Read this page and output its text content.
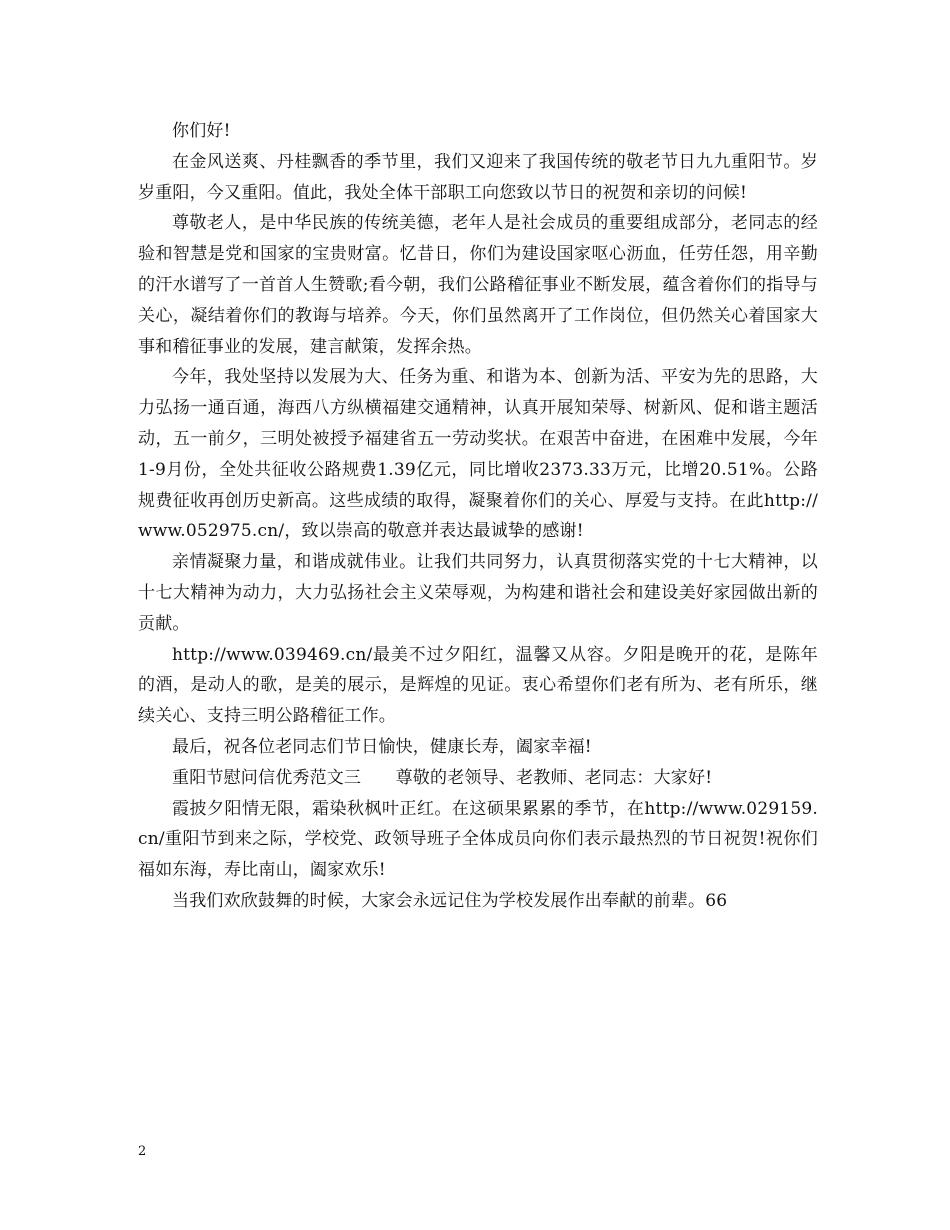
你们好!

在金风送爽、丹桂飘香的季节里，我们又迎来了我国传统的敬老节日九九重阳节。岁岁重阳，今又重阳。值此，我处全体干部职工向您致以节日的祝贺和亲切的问候!

尊敬老人，是中华民族的传统美德，老年人是社会成员的重要组成部分，老同志的经验和智慧是党和国家的宝贵财富。忆昔日，你们为建设国家呕心沥血，任劳任怨，用辛勤的汗水谱写了一首首人生赞歌;看今朝，我们公路稽征事业不断发展，蕴含着你们的指导与关心，凝结着你们的教诲与培养。今天，你们虽然离开了工作岗位，但仍然关心着国家大事和稽征事业的发展，建言献策，发挥余热。

今年，我处坚持以发展为大、任务为重、和谐为本、创新为活、平安为先的思路，大力弘扬一通百通，海西八方纵横福建交通精神，认真开展知荣辱、树新风、促和谐主题活动，五一前夕，三明处被授予福建省五一劳动奖状。在艰苦中奋进，在困难中发展，今年1-9月份，全处共征收公路规费1.39亿元，同比增收2373.33万元，比增20.51%。公路规费征收再创历史新高。这些成绩的取得，凝聚着你们的关心、厚爱与支持。在此http://www.052975.cn/，致以崇高的敬意并表达最诚挚的感谢!

亲情凝聚力量，和谐成就伟业。让我们共同努力，认真贯彻落实党的十七大精神，以十七大精神为动力，大力弘扬社会主义荣辱观，为构建和谐社会和建设美好家园做出新的贡献。

http://www.039469.cn/最美不过夕阳红，温馨又从容。夕阳是晚开的花，是陈年的酒，是动人的歌，是美的展示，是辉煌的见证。衷心希望你们老有所为、老有所乐，继续关心、支持三明公路稽征工作。

最后，祝各位老同志们节日愉快，健康长寿，阖家幸福!

重阳节慰问信优秀范文三　　尊敬的老领导、老教师、老同志：大家好!

霞披夕阳情无限，霜染秋枫叶正红。在这硕果累累的季节，在http://www.029159.cn/重阳节到来之际，学校党、政领导班子全体成员向你们表示最热烈的节日祝贺!祝你们福如东海，寿比南山，阖家欢乐!

当我们欢欣鼓舞的时候，大家会永远记住为学校发展作出奉献的前辈。66

2
